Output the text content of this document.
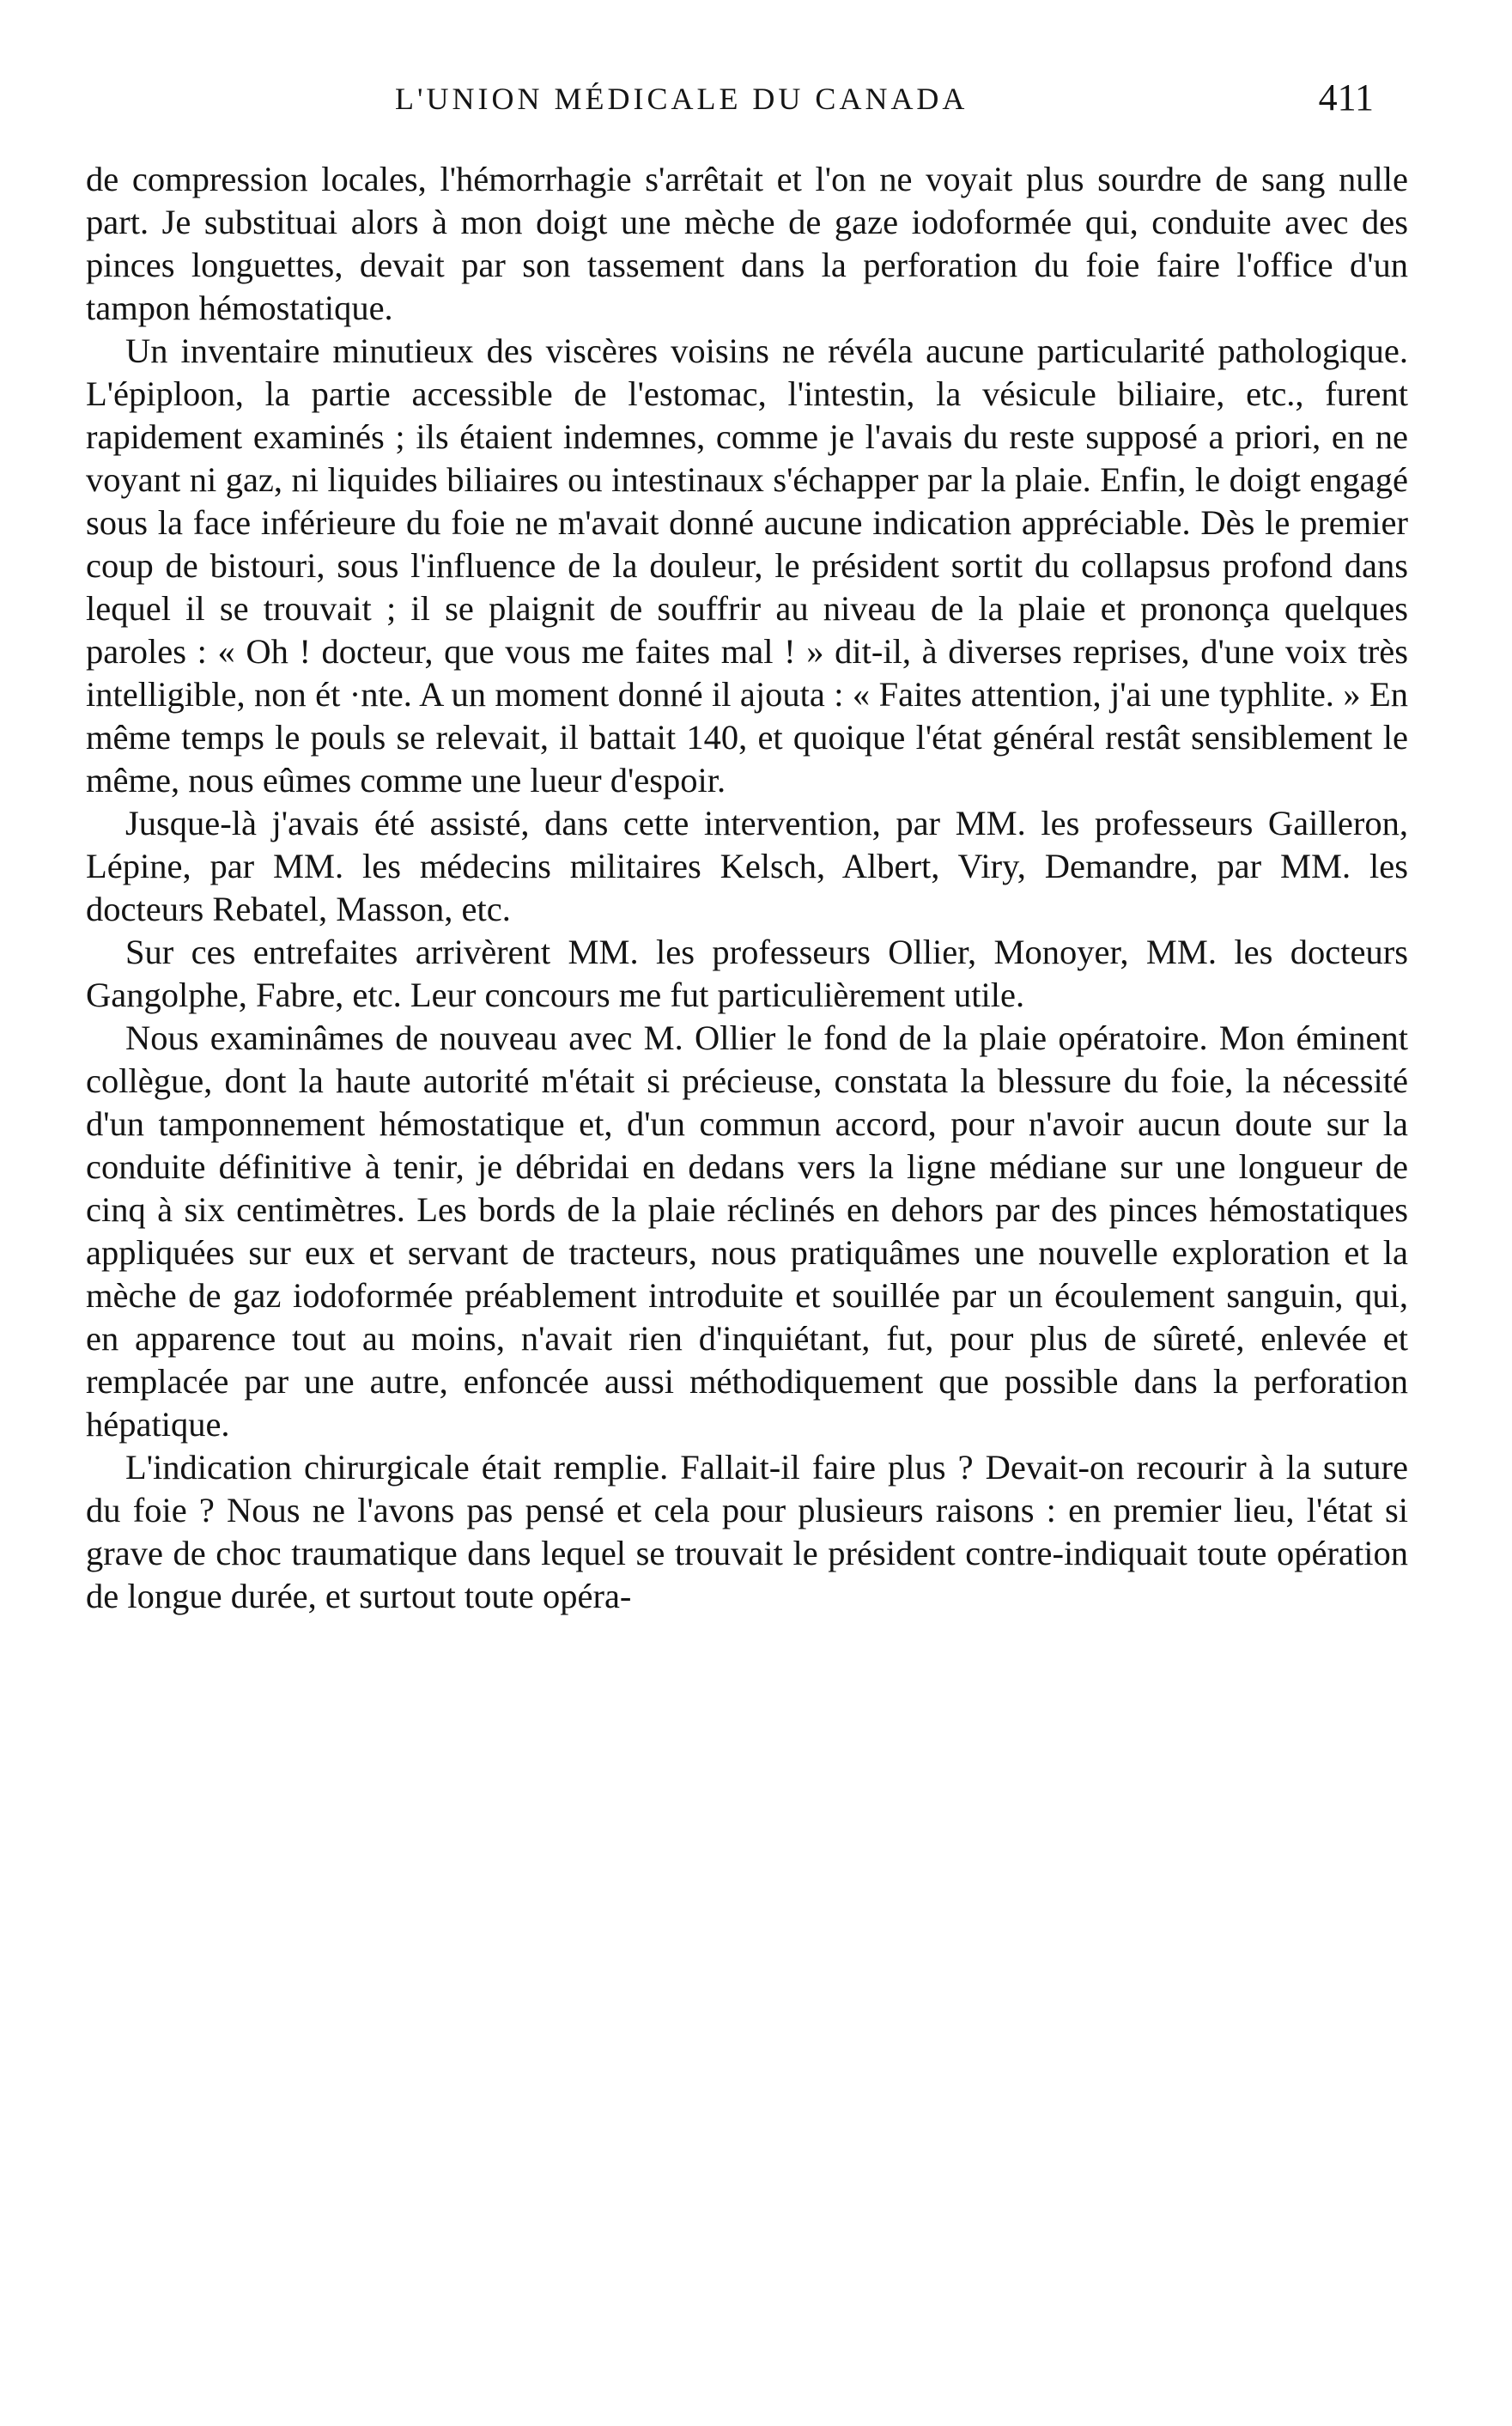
L'UNION MÉDICALE DU CANADA	411

de compression locales, l'hémorrhagie s'arrêtait et l'on ne voyait plus sourdre de sang nulle part. Je substituai alors à mon doigt une mèche de gaze iodoformée qui, conduite avec des pinces longuettes, devait par son tassement dans la perforation du foie faire l'office d'un tampon hémostatique.

Un inventaire minutieux des viscères voisins ne révéla aucune particularité pathologique. L'épiploon, la partie accessible de l'estomac, l'intestin, la vésicule biliaire, etc., furent rapidement examinés ; ils étaient indemnes, comme je l'avais du reste supposé a priori, en ne voyant ni gaz, ni liquides biliaires ou intestinaux s'échapper par la plaie. Enfin, le doigt engagé sous la face inférieure du foie ne m'avait donné aucune indication appréciable. Dès le premier coup de bistouri, sous l'influence de la douleur, le président sortit du collapsus profond dans lequel il se trouvait ; il se plaignit de souffrir au niveau de la plaie et prononça quelques paroles : « Oh ! docteur, que vous me faites mal ! » dit-il, à diverses reprises, d'une voix très intelligible, non ét ·nte. A un moment donné il ajouta : « Faites attention, j'ai une typhlite. » En même temps le pouls se relevait, il battait 140, et quoique l'état général restât sensiblement le même, nous eûmes comme une lueur d'espoir.

Jusque-là j'avais été assisté, dans cette intervention, par MM. les professeurs Gailleron, Lépine, par MM. les médecins militaires Kelsch, Albert, Viry, Demandre, par MM. les docteurs Rebatel, Masson, etc.

Sur ces entrefaites arrivèrent MM. les professeurs Ollier, Monoyer, MM. les docteurs Gangolphe, Fabre, etc. Leur concours me fut particulièrement utile.

Nous examinâmes de nouveau avec M. Ollier le fond de la plaie opératoire. Mon éminent collègue, dont la haute autorité m'était si précieuse, constata la blessure du foie, la nécessité d'un tamponnement hémostatique et, d'un commun accord, pour n'avoir aucun doute sur la conduite définitive à tenir, je débridai en dedans vers la ligne médiane sur une longueur de cinq à six centimètres. Les bords de la plaie réclinés en dehors par des pinces hémostatiques appliquées sur eux et servant de tracteurs, nous pratiquâmes une nouvelle exploration et la mèche de gaz iodoformée préablement introduite et souillée par un écoulement sanguin, qui, en apparence tout au moins, n'avait rien d'inquiétant, fut, pour plus de sûreté, enlevée et remplacée par une autre, enfoncée aussi méthodiquement que possible dans la perforation hépatique.

L'indication chirurgicale était remplie. Fallait-il faire plus ? Devait-on recourir à la suture du foie ? Nous ne l'avons pas pensé et cela pour plusieurs raisons : en premier lieu, l'état si grave de choc traumatique dans lequel se trouvait le président contre-indiquait toute opération de longue durée, et surtout toute opéra-
